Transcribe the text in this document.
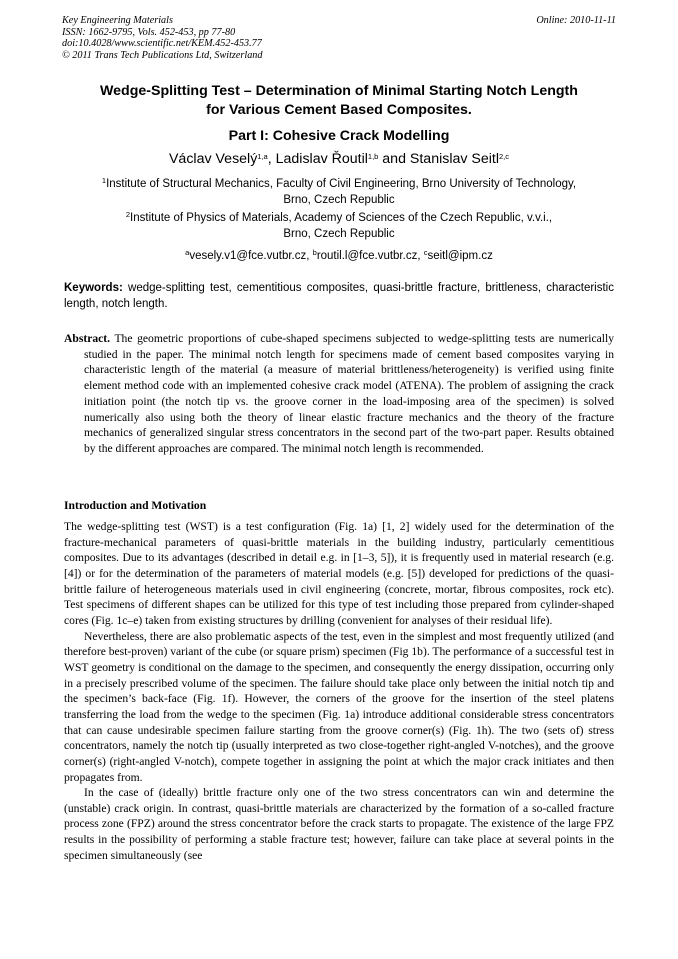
Key Engineering Materials
ISSN: 1662-9795, Vols. 452-453, pp 77-80
doi:10.4028/www.scientific.net/KEM.452-453.77
© 2011 Trans Tech Publications Ltd, Switzerland
Online: 2010-11-11
Wedge-Splitting Test – Determination of Minimal Starting Notch Length
for Various Cement Based Composites.
Part I: Cohesive Crack Modelling
Václav Veselý$^{1,a}$, Ladislav Řoutil$^{1,b}$ and Stanislav Seitl$^{2,c}$
$^1$Institute of Structural Mechanics, Faculty of Civil Engineering, Brno University of Technology,
Brno, Czech Republic
$^2$Institute of Physics of Materials, Academy of Sciences of the Czech Republic, v.v.i.,
Brno, Czech Republic
$^a$vesely.v1@fce.vutbr.cz, $^b$routil.l@fce.vutbr.cz, $^c$seitl@ipm.cz
Keywords: wedge-splitting test, cementitious composites, quasi-brittle fracture, brittleness, characteristic length, notch length.
Abstract. The geometric proportions of cube-shaped specimens subjected to wedge-splitting tests are numerically studied in the paper. The minimal notch length for specimens made of cement based composites varying in characteristic length of the material (a measure of material brittleness/heterogeneity) is verified using finite element method code with an implemented cohesive crack model (ATENA). The problem of assigning the crack initiation point (the notch tip vs. the groove corner in the load-imposing area of the specimen) is solved numerically also using both the theory of linear elastic fracture mechanics and the theory of the fracture mechanics of generalized singular stress concentrators in the second part of the two-part paper. Results obtained by the different approaches are compared. The minimal notch length is recommended.
Introduction and Motivation

The wedge-splitting test (WST) is a test configuration (Fig. 1a) [1, 2] widely used for the determination of the fracture-mechanical parameters of quasi-brittle materials in the building industry, particularly cementitious composites. Due to its advantages (described in detail e.g. in [1–3, 5]), it is frequently used in material research (e.g. [4]) or for the determination of the parameters of material models (e.g. [5]) developed for predictions of the quasi-brittle failure of heterogeneous materials used in civil engineering (concrete, mortar, fibrous composites, rock etc). Test specimens of different shapes can be utilized for this type of test including those prepared from cylinder-shaped cores (Fig. 1c–e) taken from existing structures by drilling (convenient for analyses of their residual life).

Nevertheless, there are also problematic aspects of the test, even in the simplest and most frequently utilized (and therefore best-proven) variant of the cube (or square prism) specimen (Fig 1b). The performance of a successful test in WST geometry is conditional on the damage to the specimen, and consequently the energy dissipation, occurring only in a precisely prescribed volume of the specimen. The failure should take place only between the initial notch tip and the specimen’s back-face (Fig. 1f). However, the corners of the groove for the insertion of the steel platens transferring the load from the wedge to the specimen (Fig. 1a) introduce additional considerable stress concentrators that can cause undesirable specimen failure starting from the groove corner(s) (Fig. 1h). The two (sets of) stress concentrators, namely the notch tip (usually interpreted as two close-together right-angled V-notches), and the groove corner(s) (right-angled V-notch), compete together in assigning the point at which the major crack initiates and then propagates from.

In the case of (ideally) brittle fracture only one of the two stress concentrators can win and determine the (unstable) crack origin. In contrast, quasi-brittle materials are characterized by the formation of a so-called fracture process zone (FPZ) around the stress concentrator before the crack starts to propagate. The existence of the large FPZ results in the possibility of performing a stable fracture test; however, failure can take place at several points in the specimen simultaneously (see
